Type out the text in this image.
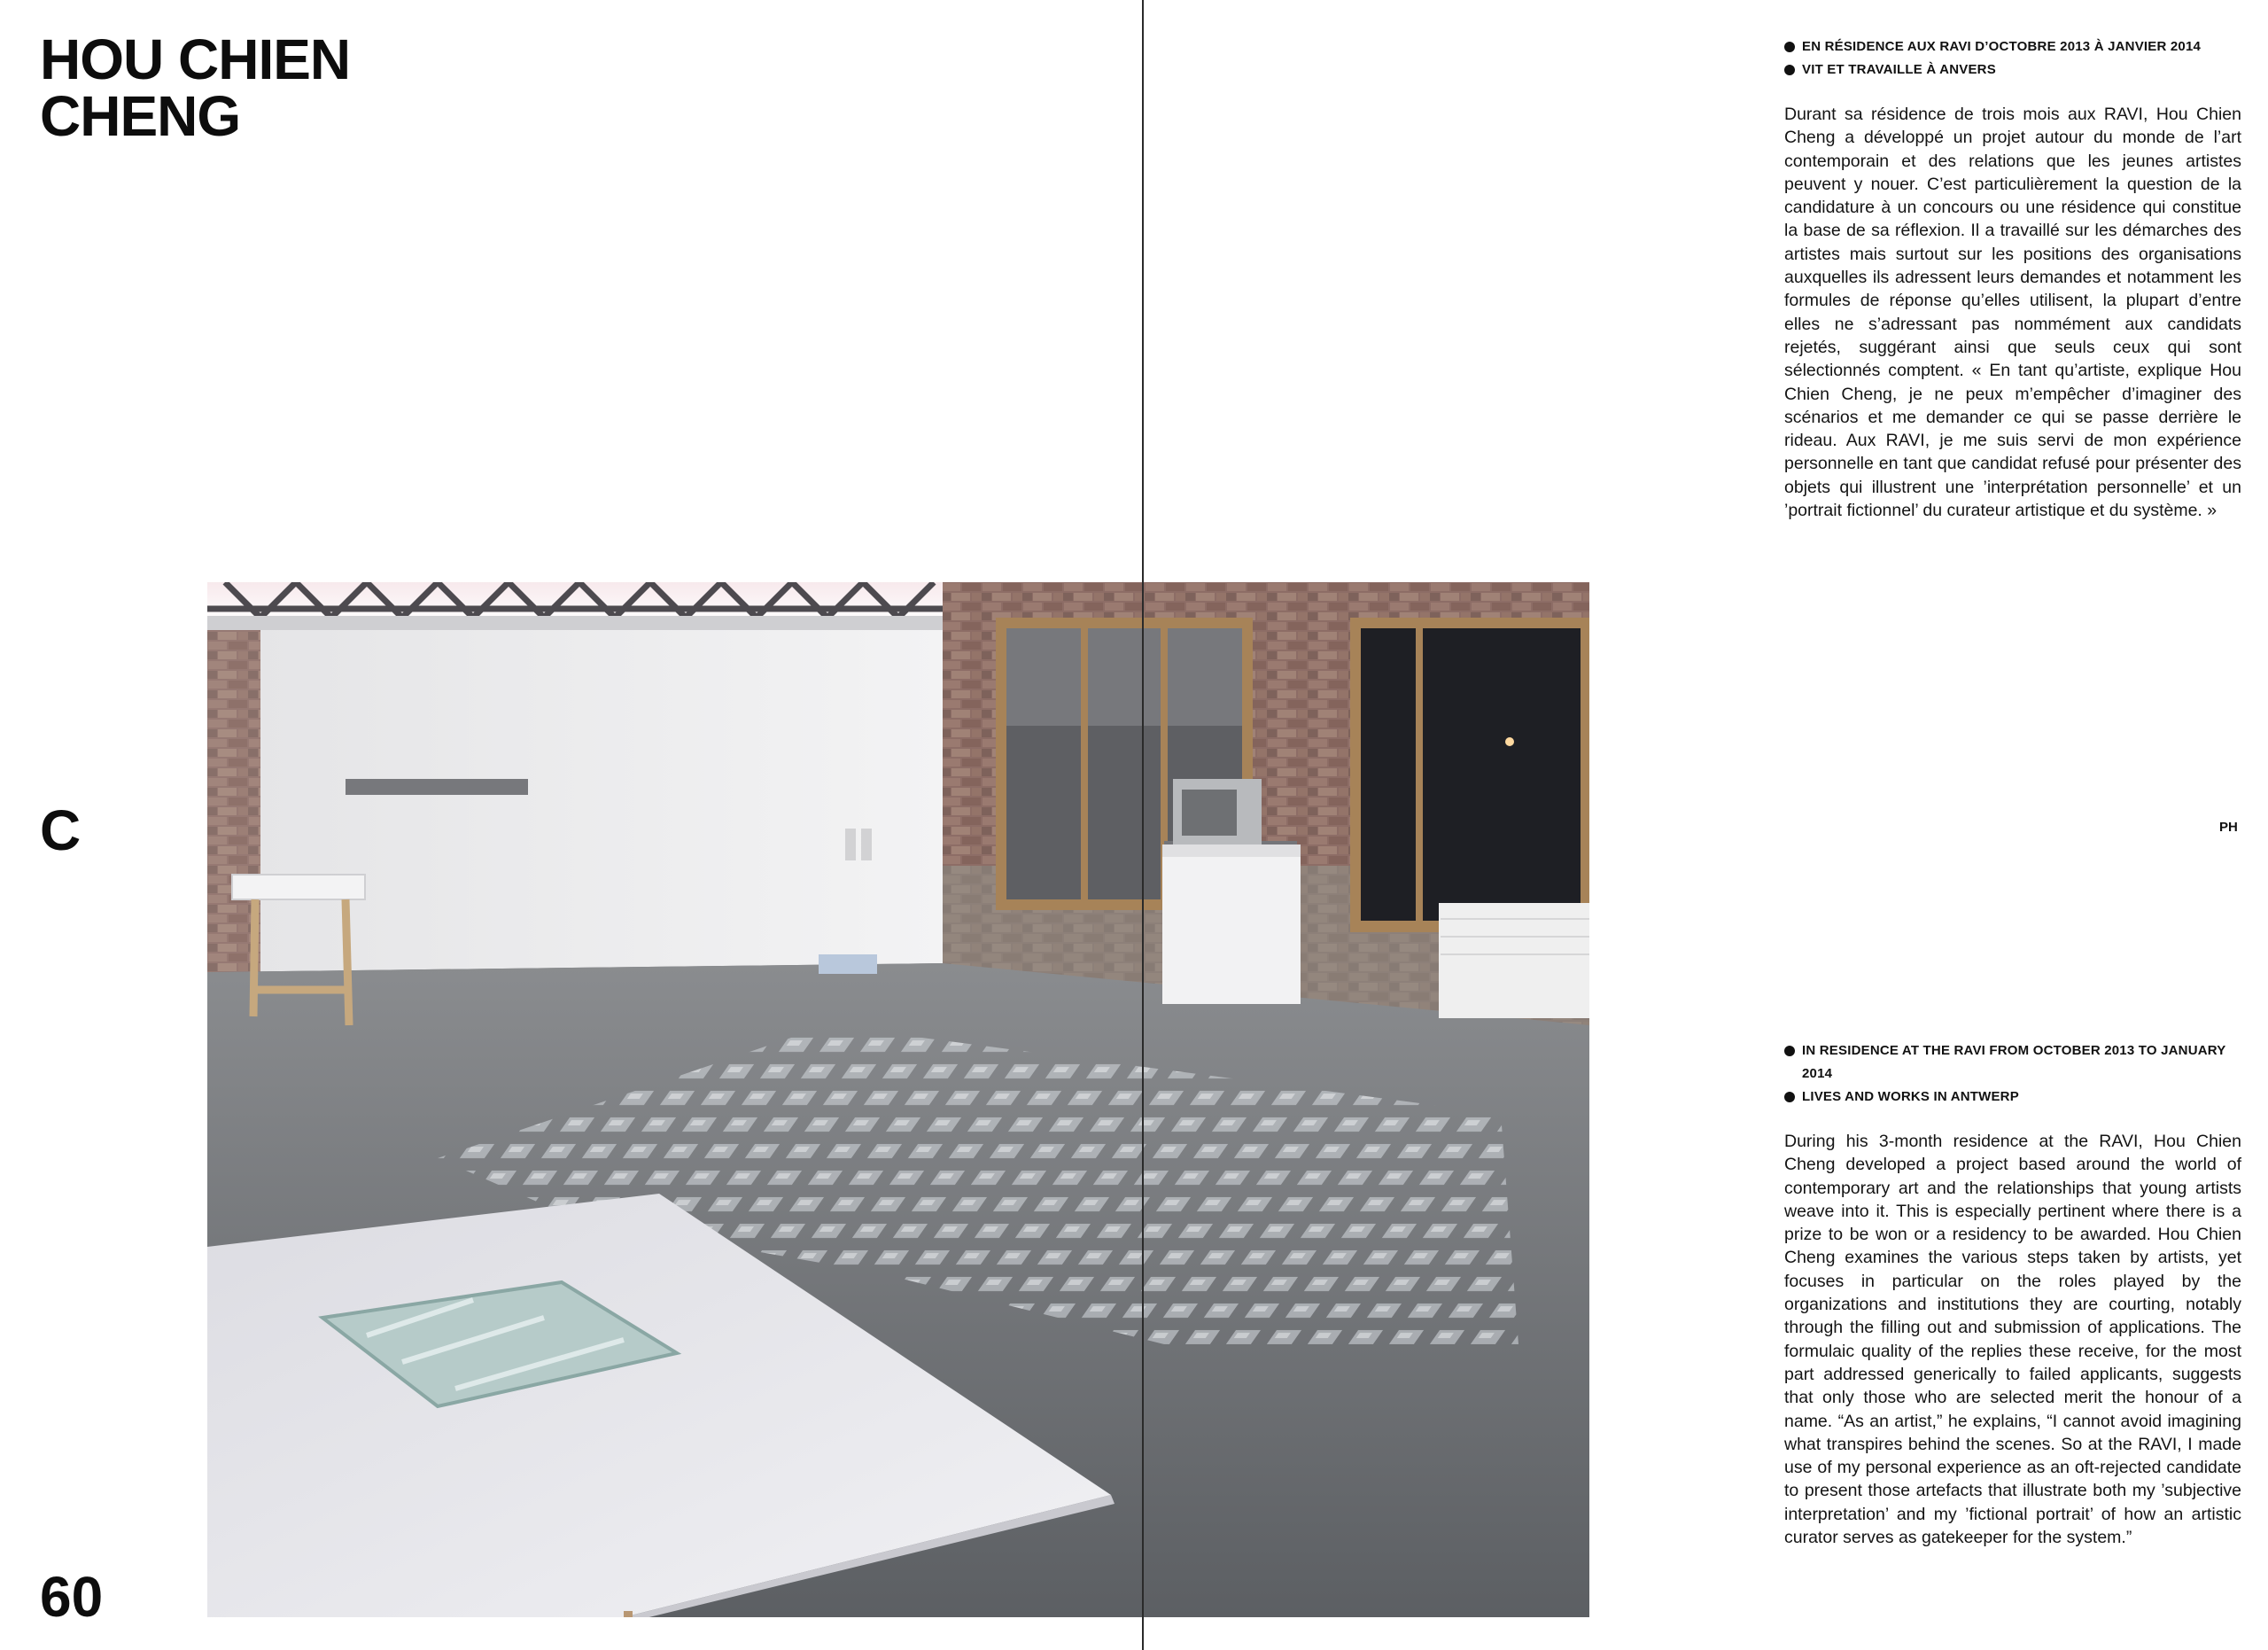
HOU CHIEN
CHENG
C
60
EN RÉSIDENCE AUX RAVI D’OCTOBRE 2013 À JANVIER 2014
VIT ET TRAVAILLE À ANVERS

Durant sa résidence de trois mois aux RAVI, Hou Chien Cheng a développé un projet autour du monde de l’art contemporain et des relations que les jeunes artistes peuvent y nouer. C’est particulièrement la question de la candidature à un concours ou une résidence qui constitue la base de sa réflexion. Il a travaillé sur les démarches des artistes mais surtout sur les positions des organisations auxquelles ils adressent leurs demandes et notamment les formules de réponse qu’elles utilisent, la plupart d’entre elles ne s’adressant pas nommément aux candidats rejetés, suggérant ainsi que seuls ceux qui sont sélectionnés comptent. « En tant qu’artiste, explique Hou Chien Cheng, je ne peux m’empêcher d’imaginer des scénarios et me demander ce qui se passe derrière le rideau. Aux RAVI, je me suis servi de mon expérience personnelle en tant que candidat refusé pour présenter des objets qui illustrent une ’interprétation personnelle’ et un ’portrait fictionnel’ du curateur artistique et du système. »

PH
IN RESIDENCE AT THE RAVI FROM OCTOBER 2013 TO JANUARY 2014
LIVES AND WORKS IN ANTWERP

During his 3-month residence at the RAVI, Hou Chien Cheng developed a project based around the world of contemporary art and the relationships that young artists weave into it. This is especially pertinent where there is a prize to be won or a residency to be awarded. Hou Chien Cheng examines the various steps taken by artists, yet focuses in particular on the roles played by the organizations and institutions they are courting, notably through the filling out and submission of applications. The formulaic quality of the replies these receive, for the most part addressed generically to failed applicants, suggests that only those who are selected merit the honour of a name. “As an artist,” he explains, “I cannot avoid imagining what transpires behind the scenes. So at the RAVI, I made use of my personal experience as an oft-rejected candidate to present those artefacts that illustrate both my ’subjective interpretation’ and my ’fictional portrait’ of how an artistic curator serves as gatekeeper for the system.”
